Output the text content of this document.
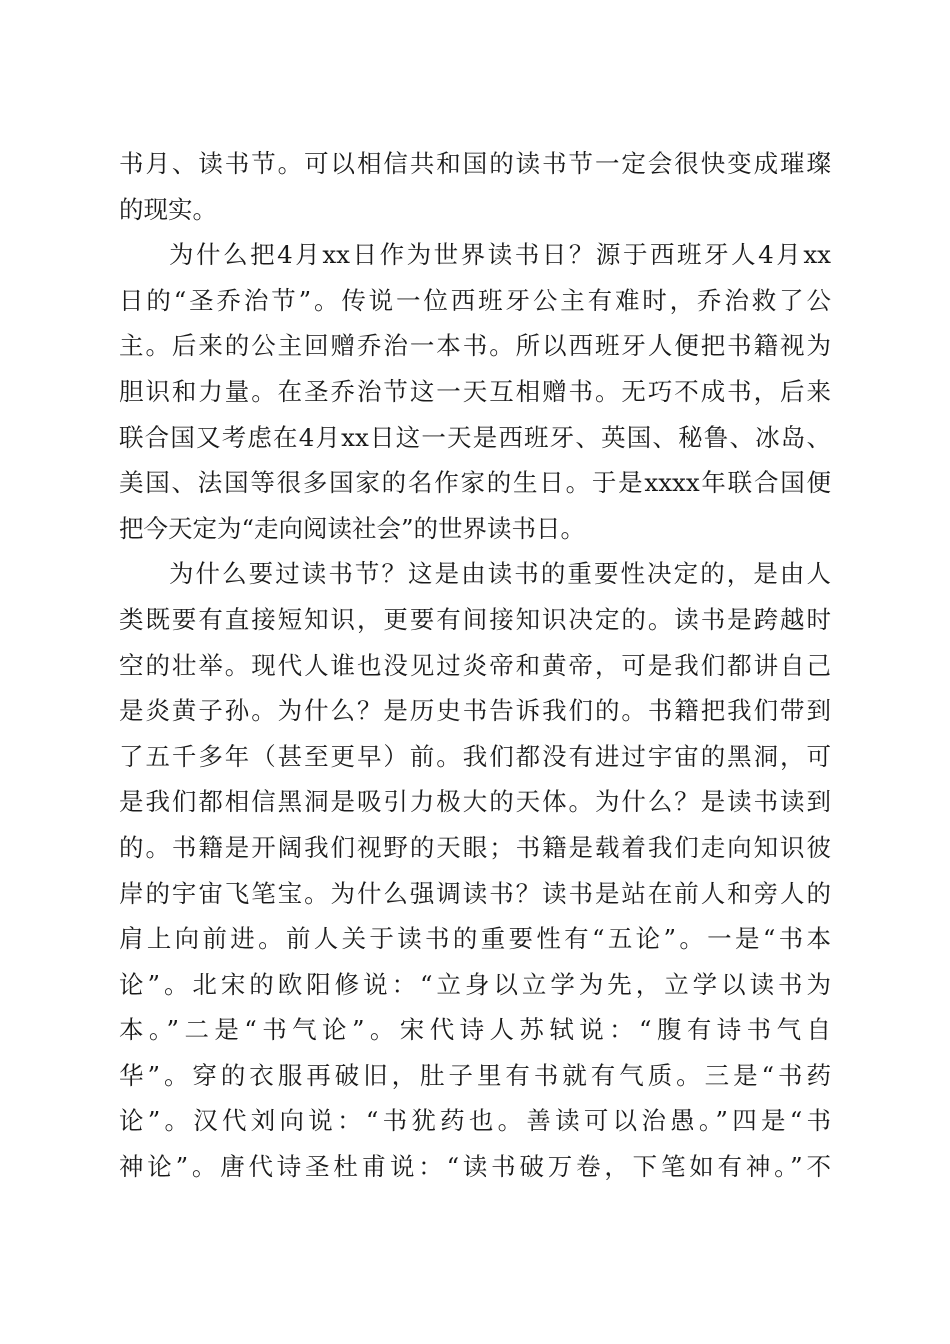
书月、读书节。可以相信共和国的读书节一定会很快变成璀璨
的现实。
为什么把4月xx日作为世界读书日？源于西班牙人4月xx
日的“圣乔治节”。传说一位西班牙公主有难时，乔治救了公
主。后来的公主回赠乔治一本书。所以西班牙人便把书籍视为
胆识和力量。在圣乔治节这一天互相赠书。无巧不成书，后来
联合国又考虑在4月xx日这一天是西班牙、英国、秘鲁、冰岛、
美国、法国等很多国家的名作家的生日。于是xxxx年联合国便
把今天定为“走向阅读社会”的世界读书日。
为什么要过读书节？这是由读书的重要性决定的，是由人
类既要有直接短知识，更要有间接知识决定的。读书是跨越时
空的壮举。现代人谁也没见过炎帝和黄帝，可是我们都讲自己
是炎黄子孙。为什么？是历史书告诉我们的。书籍把我们带到
了五千多年（甚至更早）前。我们都没有进过宇宙的黑洞，可
是我们都相信黑洞是吸引力极大的天体。为什么？是读书读到
的。书籍是开阔我们视野的天眼；书籍是载着我们走向知识彼
岸的宇宙飞笔宝。为什么强调读书？读书是站在前人和旁人的
肩上向前进。前人关于读书的重要性有“五论”。一是“书本
论”。北宋的欧阳修说：“立身以立学为先，立学以读书为
本。”二是“书气论”。宋代诗人苏轼说：“腹有诗书气自
华”。穿的衣服再破旧，肚子里有书就有气质。三是“书药
论”。汉代刘向说：“书犹药也。善读可以治愚。”四是“书
神论”。唐代诗圣杜甫说：“读书破万卷，下笔如有神。”不
